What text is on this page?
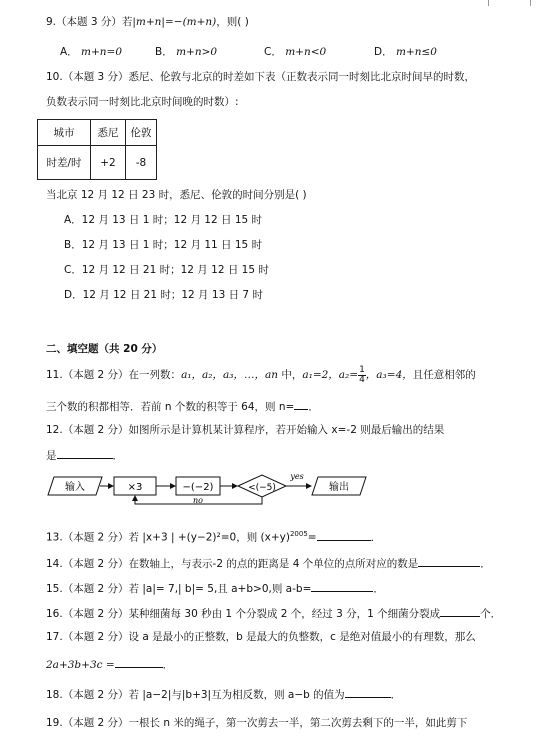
9.（本题 3 分）若|m+n|=−(m+n)，则( )
A． m+n=0	B． m+n>0	C． m+n<0	D． m+n≤0
10.（本题 3 分）悉尼、伦敦与北京的时差如下表（正数表示同一时刻比北京时间早的时数，
负数表示同一时刻比北京时间晚的时数）:
城市	悉尼	伦敦
时差/时	+2	-8
当北京 12 月 12 日 23 时，悉尼、伦敦的时间分别是( )
A．12 月 13 日 1 时；12 月 12 日 15 时
B．12 月 13 日 1 时；12 月 11 日 15 时
C．12 月 12 日 21 时；12 月 12 日 15 时
D．12 月 12 日 21 时；12 月 13 日 7 时
二、填空题（共 20 分）
11.（本题 2 分）在一列数：a₁，a₂，a₃，…，an 中，a₁=2，$a_2= \frac{1}{4}$ ，a₃=4，且任意相邻的
三个数的积都相等．若前 n 个数的积等于 64，则 n= ．
12.（本题 2 分）如图所示是计算机某计算程序，若开始输入 x=-2 则最后输出的结果
是	．
输入	×3	−(−2)	<(−5)
yes
输出
no
13.（本题 2 分）若 |x+3 | +(y−2)²=0，则 $(x+y)^{2005}=$	．
14.（本题 2 分）在数轴上，与表示-2 的点的距离是 4 个单位的点所对应的数是	．
15.（本题 2 分）若 |a|= 7,| b|= 5,且 a+b>0,则 a-b=	．
16.（本题 2 分）某种细菌每 30 秒由 1 个分裂成 2 个，经过 3 分，1 个细菌分裂成	个．
17.（本题 2 分）设 a 是最小的正整数，b 是最大的负整数，c 是绝对值最小的有理数，那么
2a+3b+3c =	．
18.（本题 2 分）若 |a−2|与|b+3|互为相反数，则 a−b 的值为	．
19.（本题 2 分）一根长 n 米的绳子，第一次剪去一半，第二次剪去剩下的一半，如此剪下
